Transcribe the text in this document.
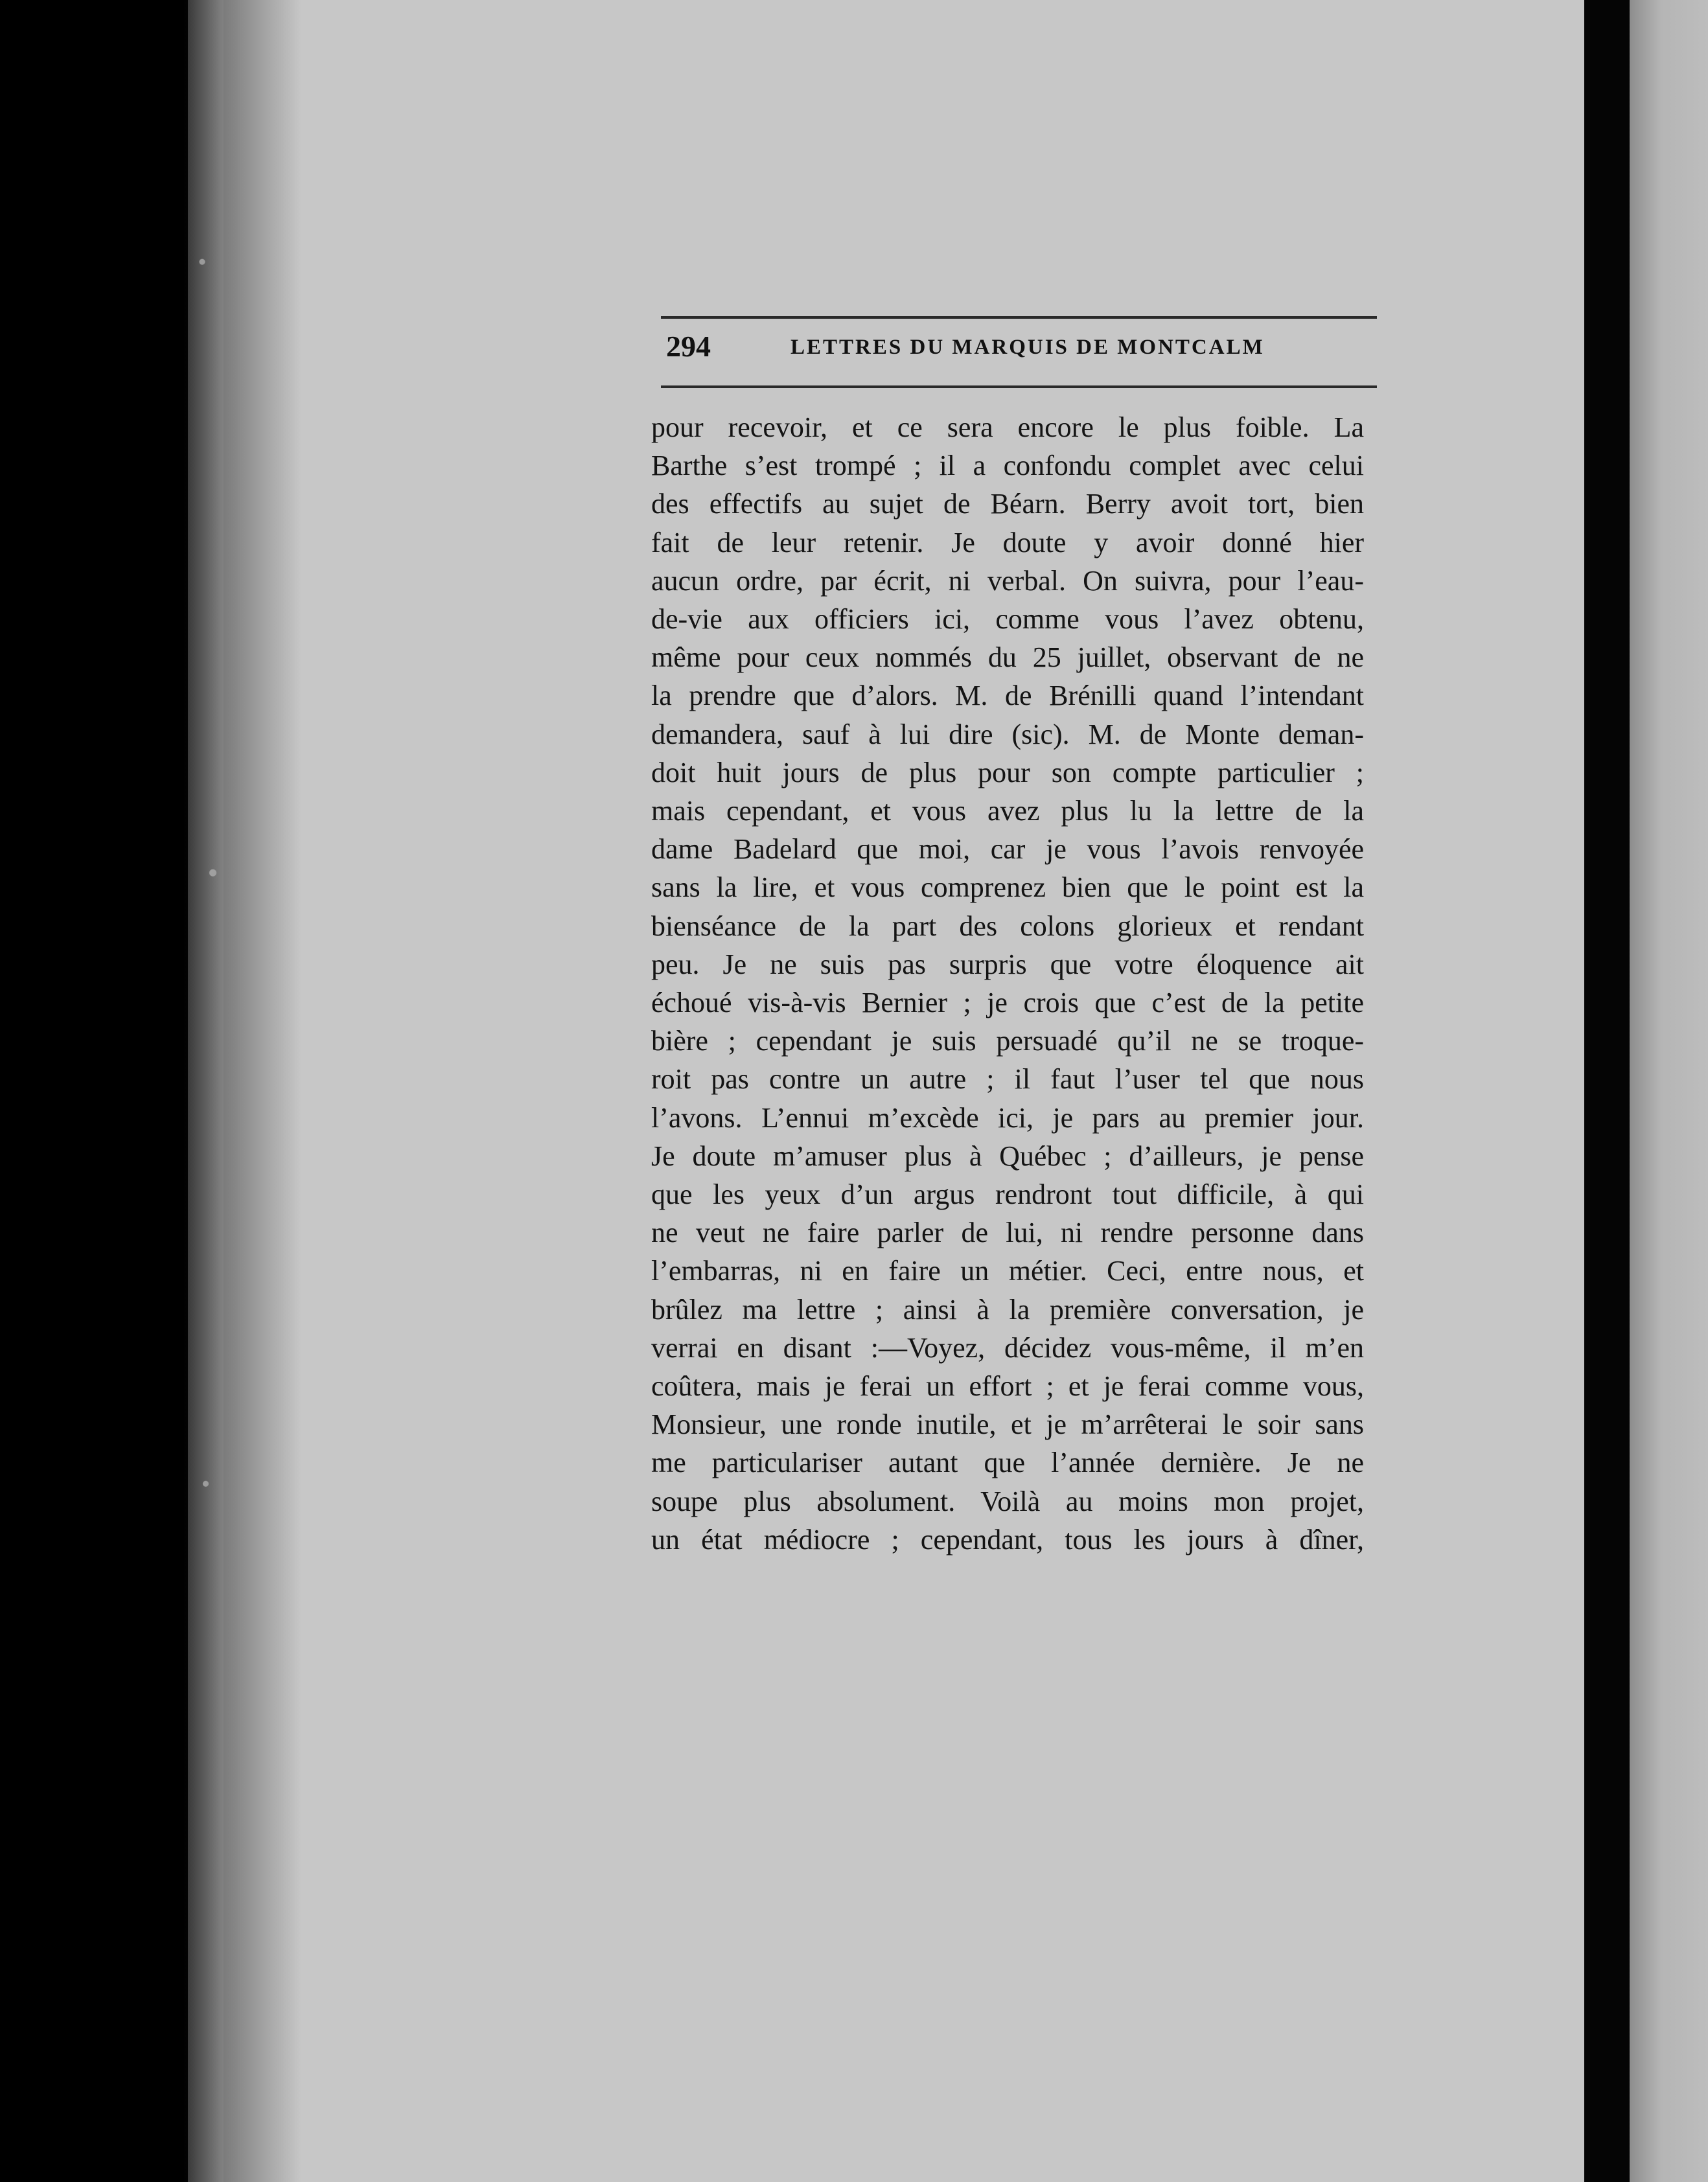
294	LETTRES DU MARQUIS DE MONTCALM
pour recevoir, et ce sera encore le plus foible. La
Barthe s’est trompé ; il a confondu complet avec celui
des effectifs au sujet de Béarn. Berry avoit tort, bien
fait de leur retenir. Je doute y avoir donné hier
aucun ordre, par écrit, ni verbal. On suivra, pour l’eau-
de-vie aux officiers ici, comme vous l’avez obtenu,
même pour ceux nommés du 25 juillet, observant de ne
la prendre que d’alors. M. de Brénilli quand l’intendant
demandera, sauf à lui dire (sic). M. de Monte deman-
doit huit jours de plus pour son compte particulier ;
mais cependant, et vous avez plus lu la lettre de la
dame Badelard que moi, car je vous l’avois renvoyée
sans la lire, et vous comprenez bien que le point est la
bienséance de la part des colons glorieux et rendant
peu. Je ne suis pas surpris que votre éloquence ait
échoué vis-à-vis Bernier ; je crois que c’est de la petite
bière ; cependant je suis persuadé qu’il ne se troque-
roit pas contre un autre ; il faut l’user tel que nous
l’avons. L’ennui m’excède ici, je pars au premier jour.
Je doute m’amuser plus à Québec ; d’ailleurs, je pense
que les yeux d’un argus rendront tout difficile, à qui
ne veut ne faire parler de lui, ni rendre personne dans
l’embarras, ni en faire un métier. Ceci, entre nous, et
brûlez ma lettre ; ainsi à la première conversation, je
verrai en disant :—Voyez, décidez vous-même, il m’en
coûtera, mais je ferai un effort ; et je ferai comme vous,
Monsieur, une ronde inutile, et je m’arrêterai le soir sans
me particulariser autant que l’année dernière. Je ne
soupe plus absolument. Voilà au moins mon projet,
un état médiocre ; cependant, tous les jours à dîner,
